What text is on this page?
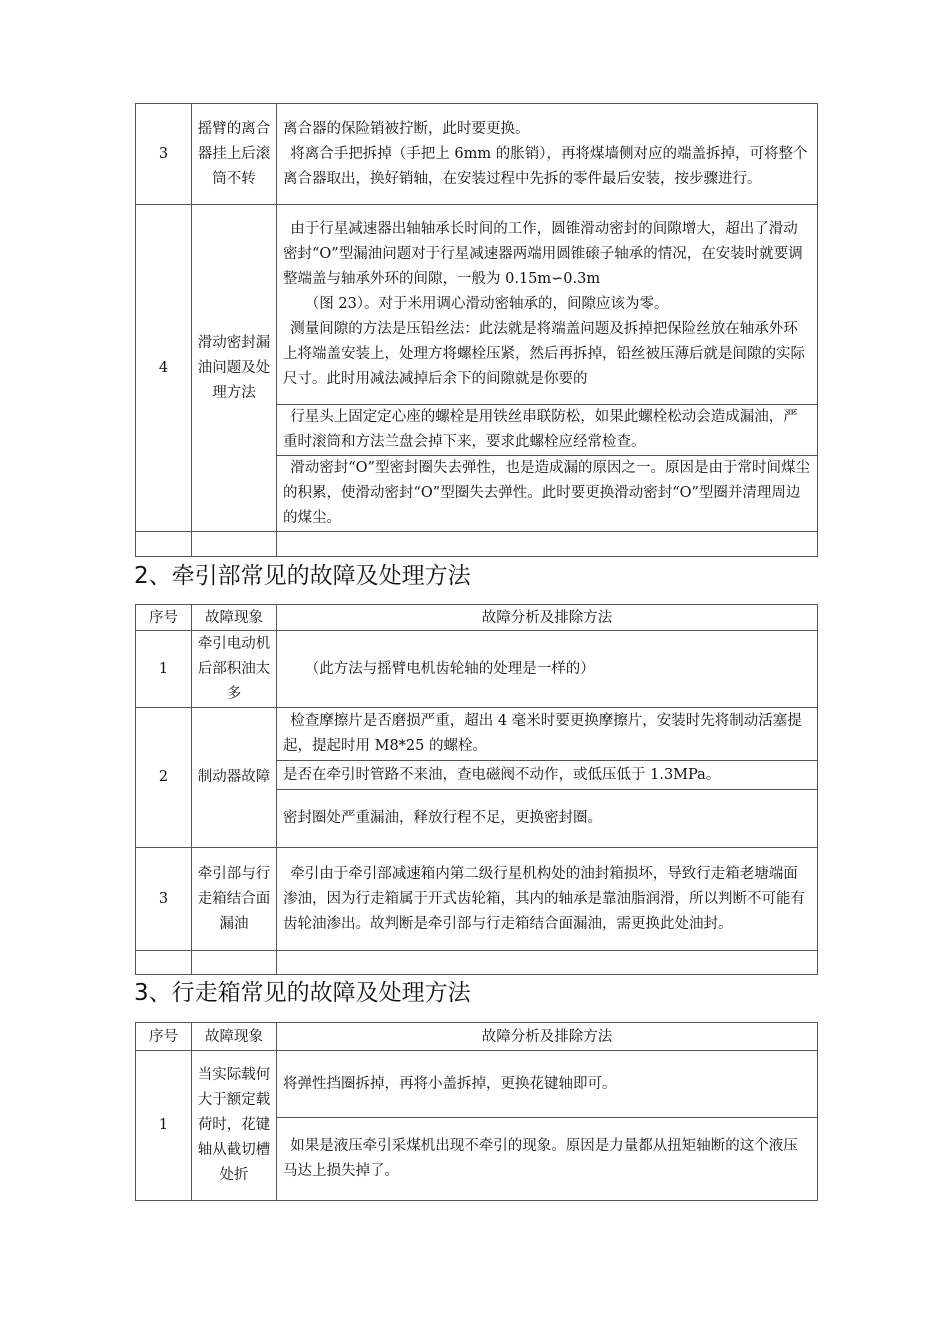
3	摇臂的离合器挂上后滚筒不转	离合器的保险销被拧断，此时要更换。

将离合手把拆掉（手把上 6mm 的胀销），再将煤墙侧对应的端盖拆掉，可将整个离合器取出，换好销轴，在安装过程中先拆的零件最后安装，按步骤进行。

4	滑动密封漏油问题及处理方法	由于行星减速器出轴轴承长时间的工作，圆锥滑动密封的间隙增大，超出了滑动密封“O”型漏油问题对于行星减速器两端用圆锥磙子轴承的情况，在安装时就要调整端盖与轴承外环的间隙，一般为 0.15m∽0.3m

（图 23）。对于米用调心滑动密轴承的，间隙应该为零。

测量间隙的方法是压铅丝法：此法就是将端盖问题及拆掉把保险丝放在轴承外环上将端盖安装上，处理方将螺栓压紧，然后再拆掉，铅丝被压薄后就是间隙的实际尺寸。此时用减法减掉后余下的间隙就是你要的

		行星头上固定定心座的螺栓是用铁丝串联防松，如果此螺栓松动会造成漏油，严重时滚筒和方法兰盘会掉下来，要求此螺栓应经常检查。

		滑动密封“O”型密封圈失去弹性，也是造成漏的原因之一。原因是由于常时间煤尘的积累，使滑动密封“O”型圈失去弹性。此时要更换滑动密封“O”型圈并清理周边的煤尘。

2、牵引部常见的故障及处理方法
序号	故障现象	故障分析及排除方法
1	牵引电动机后部积油太多	（此方法与摇臂电机齿轮轴的处理是一样的）

2	制动器故障	检查摩擦片是否磨损严重，超出 4 毫米时要更换摩擦片，安装时先将制动活塞提起，提起时用 M8*25 的螺栓。

		是否在牵引时管路不来油，查电磁阀不动作，或低压低于 1.3MPa。
		密封圈处严重漏油，释放行程不足，更换密封圈。
3	牵引部与行走箱结合面漏油	牵引由于牵引部减速箱内第二级行星机构处的油封箱损坏，导致行走箱老塘端面渗油，因为行走箱属于开式齿轮箱，其内的轴承是靠油脂润滑，所以判断不可能有齿轮油渗出。故判断是牵引部与行走箱结合面漏油，需更换此处油封。

3、行走箱常见的故障及处理方法
序号	故障现象	故障分析及排除方法
1	当实际载何大于额定载荷时，花键轴从截切槽处折	将弹性挡圈拆掉，再将小盖拆掉，更换花键轴即可。

		如果是液压牵引采煤机出现不牵引的现象。原因是力量都从扭矩轴断的这个液压马达上损失掉了。
